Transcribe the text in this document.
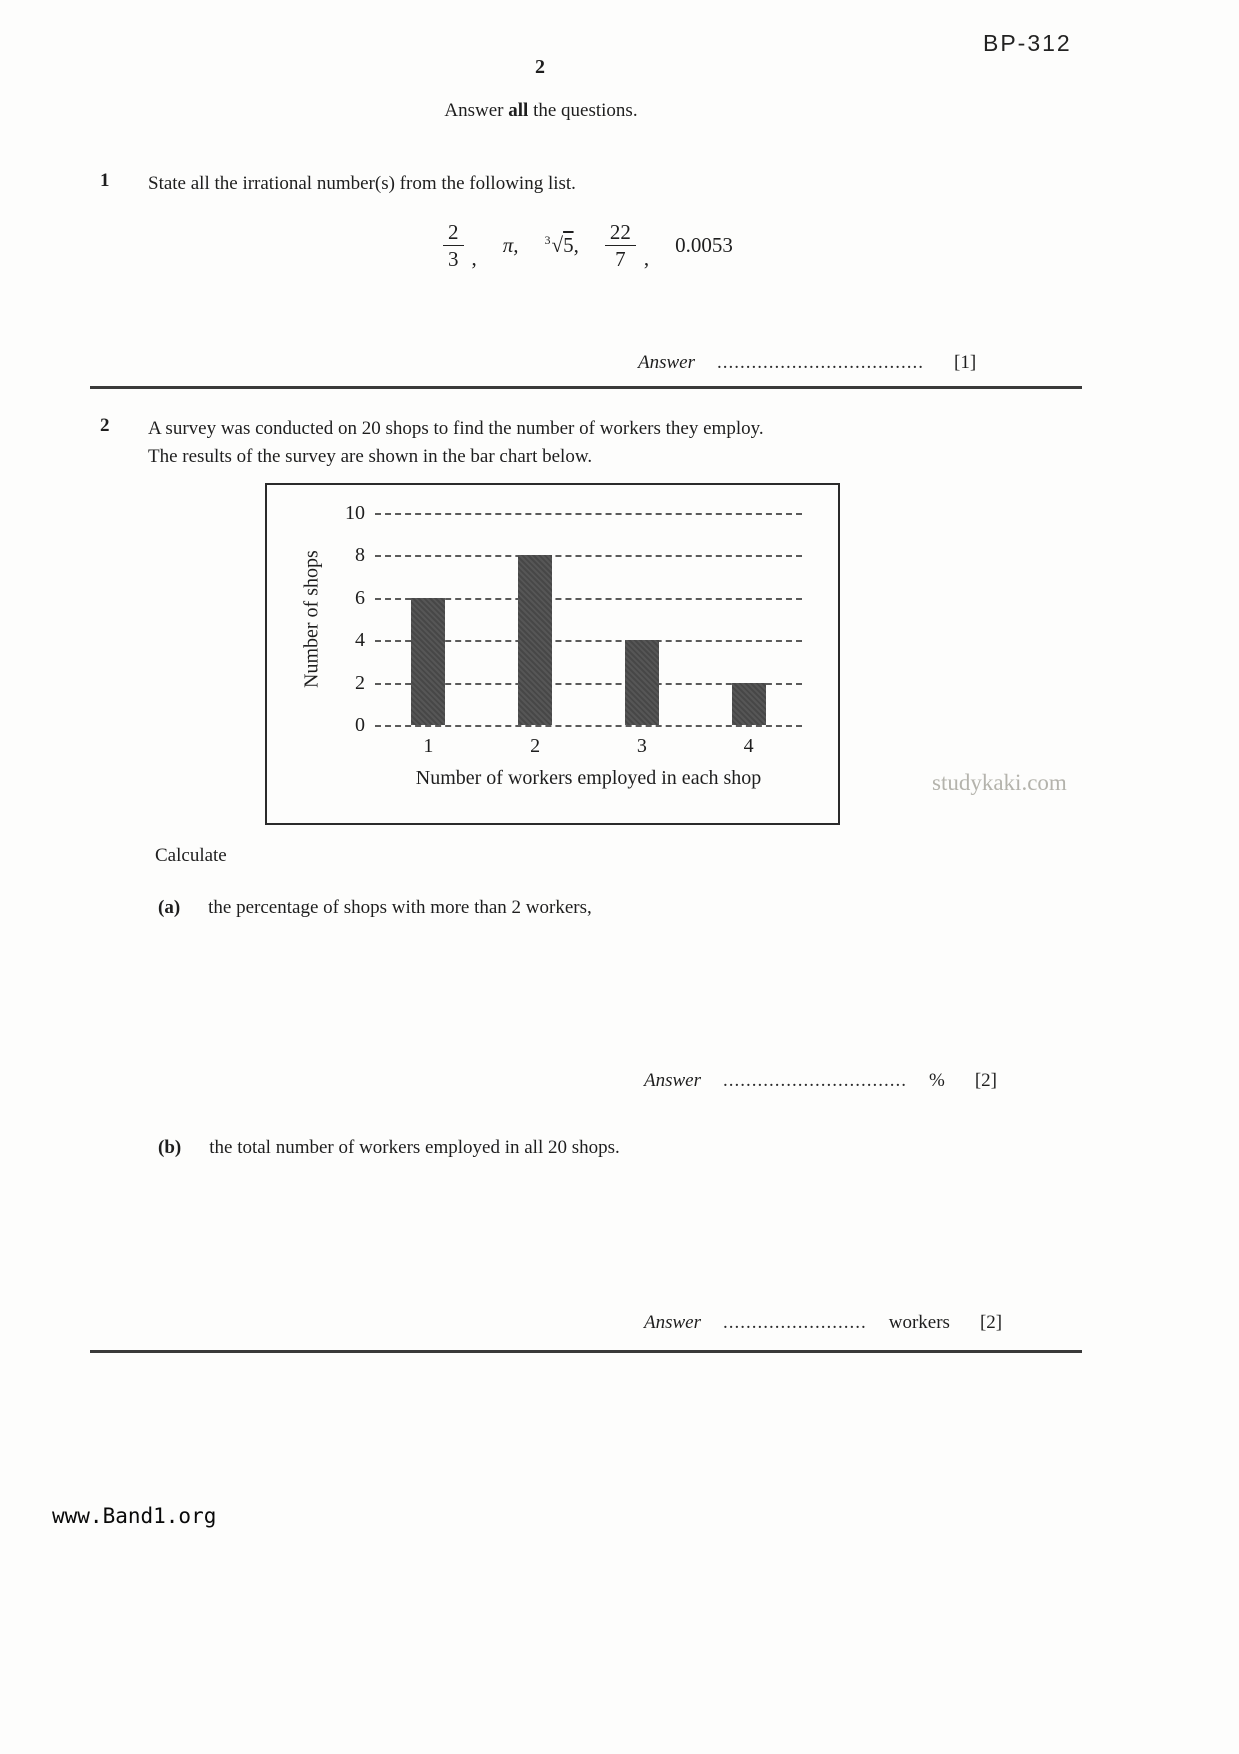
BP-312
2
Answer all the questions.
1	State all the irrational number(s) from the following list.
$\frac{2}{3}$ ,
π, $^3$√5, $\frac{22}{7}$ ,
0.0053
Answer .................................... [1]
2	A survey was conducted on 20 shops to find the number of workers they employ.
The results of the survey are shown in the bar chart below.
Number of shops
0
2
4
6
8
10
1	2	3	4
Number of workers employed in each shop	studykaki.com
Calculate
(a) the percentage of shops with more than 2 workers,
Answer ................................ % [2]
(b) the total number of workers employed in all 20 shops.
Answer ......................... workers [2]
www.Band1.org
